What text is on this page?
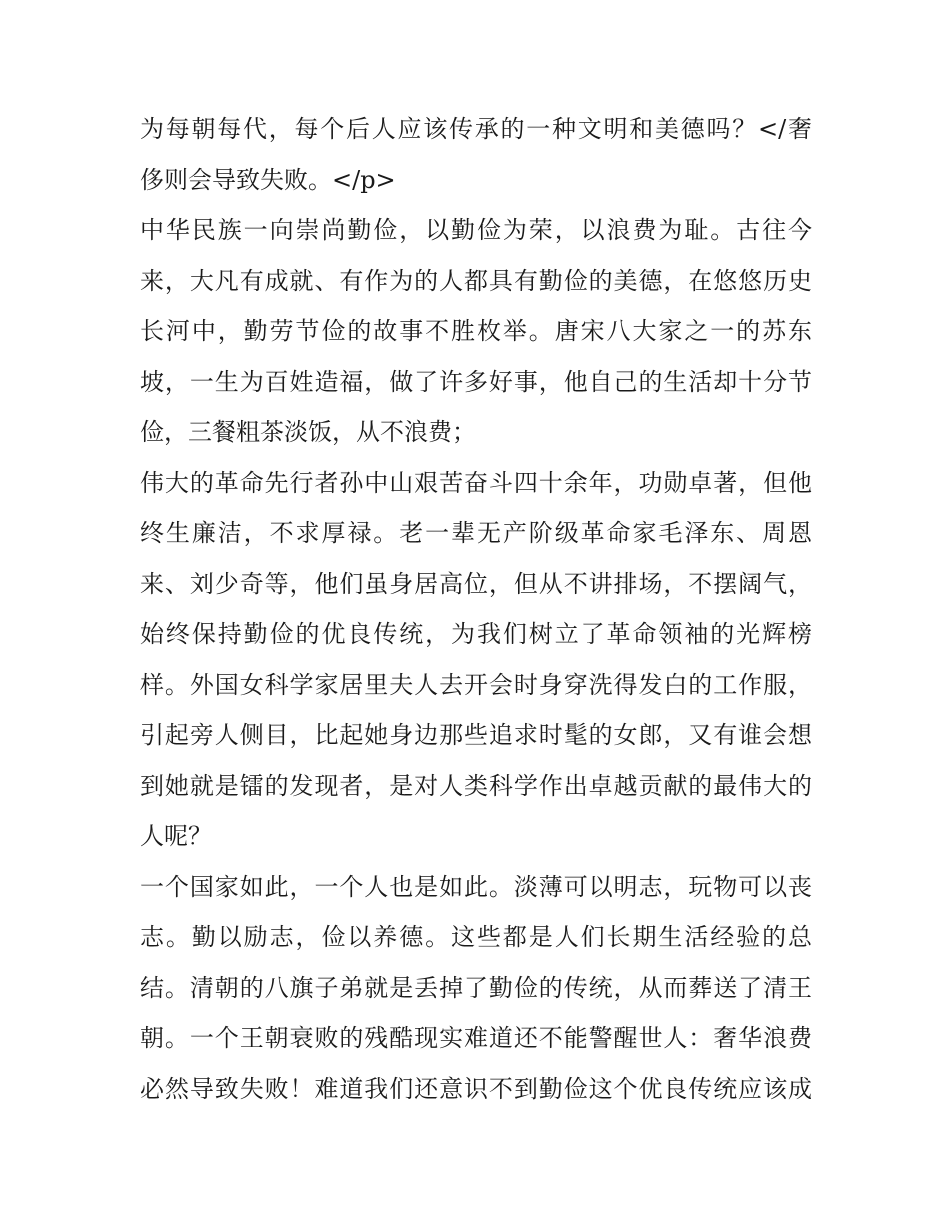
为每朝每代，每个后人应该传承的一种文明和美德吗？</奢
侈则会导致失败。</p>
中华民族一向崇尚勤俭，以勤俭为荣，以浪费为耻。古往今
来，大凡有成就、有作为的人都具有勤俭的美德，在悠悠历史
长河中，勤劳节俭的故事不胜枚举。唐宋八大家之一的苏东
坡，一生为百姓造福，做了许多好事，他自己的生活却十分节
俭，三餐粗茶淡饭，从不浪费；
伟大的革命先行者孙中山艰苦奋斗四十余年，功勋卓著，但他
终生廉洁，不求厚禄。老一辈无产阶级革命家毛泽东、周恩
来、刘少奇等，他们虽身居高位，但从不讲排场，不摆阔气，
始终保持勤俭的优良传统，为我们树立了革命领袖的光辉榜
样。外国女科学家居里夫人去开会时身穿洗得发白的工作服，
引起旁人侧目，比起她身边那些追求时髦的女郎，又有谁会想
到她就是镭的发现者，是对人类科学作出卓越贡献的最伟大的
人呢？
一个国家如此，一个人也是如此。淡薄可以明志，玩物可以丧
志。勤以励志，俭以养德。这些都是人们长期生活经验的总
结。清朝的八旗子弟就是丢掉了勤俭的传统，从而葬送了清王
朝。一个王朝衰败的残酷现实难道还不能警醒世人：奢华浪费
必然导致失败！难道我们还意识不到勤俭这个优良传统应该成
